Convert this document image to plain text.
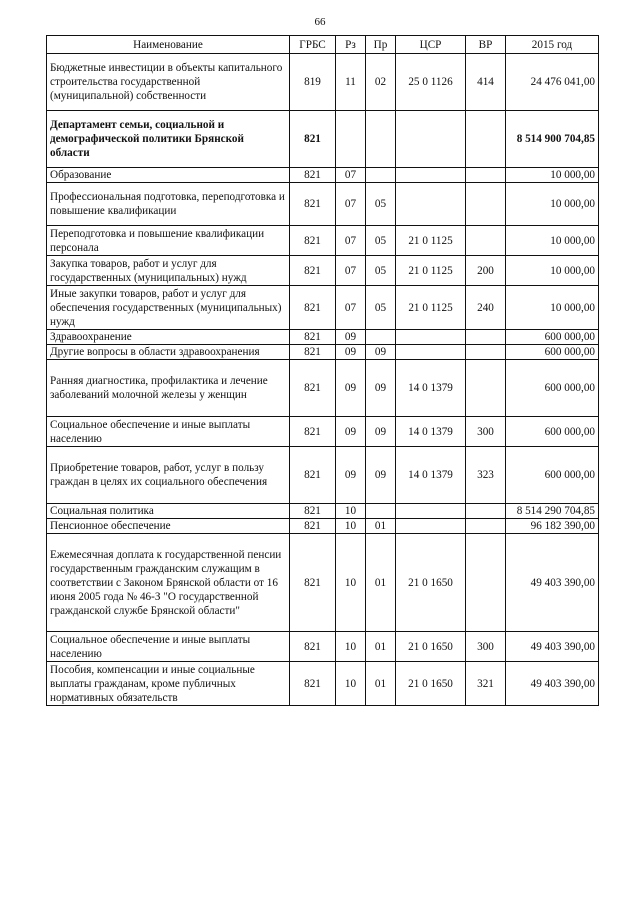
66
Наименование	ГРБС	Рз	Пр	ЦСР	ВР	2015 год
Бюджетные инвестиции в объекты капитального строительства государственной (муниципальной) собственности	819	11	02	25 0 1126	414	24 476 041,00
Департамент семьи, социальной и демографической политики Брянской области	821					8 514 900 704,85
Образование	821	07				10 000,00
Профессиональная подготовка, переподготовка и повышение квалификации	821	07	05			10 000,00
Переподготовка и повышение квалификации персонала	821	07	05	21 0 1125		10 000,00
Закупка товаров, работ и услуг для государственных (муниципальных) нужд	821	07	05	21 0 1125	200	10 000,00
Иные закупки товаров, работ и услуг для обеспечения государственных (муниципальных) нужд	821	07	05	21 0 1125	240	10 000,00
Здравоохранение	821	09				600 000,00
Другие вопросы в области здравоохранения	821	09	09			600 000,00
Ранняя диагностика, профилактика и лечение заболеваний молочной железы у женщин	821	09	09	14 0 1379		600 000,00
Социальное обеспечение и иные выплаты населению	821	09	09	14 0 1379	300	600 000,00
Приобретение товаров, работ, услуг в пользу граждан в целях их социального обеспечения	821	09	09	14 0 1379	323	600 000,00
Социальная политика	821	10				8 514 290 704,85
Пенсионное обеспечение	821	10	01			96 182 390,00
Ежемесячная доплата к государственной пенсии государственным гражданским служащим в соответствии с Законом Брянской области от 16 июня 2005 года № 46-З "О государственной гражданской службе Брянской области"	821	10	01	21 0 1650		49 403 390,00
Социальное обеспечение и иные выплаты населению	821	10	01	21 0 1650	300	49 403 390,00
Пособия, компенсации и иные социальные выплаты гражданам, кроме публичных нормативных обязательств	821	10	01	21 0 1650	321	49 403 390,00
